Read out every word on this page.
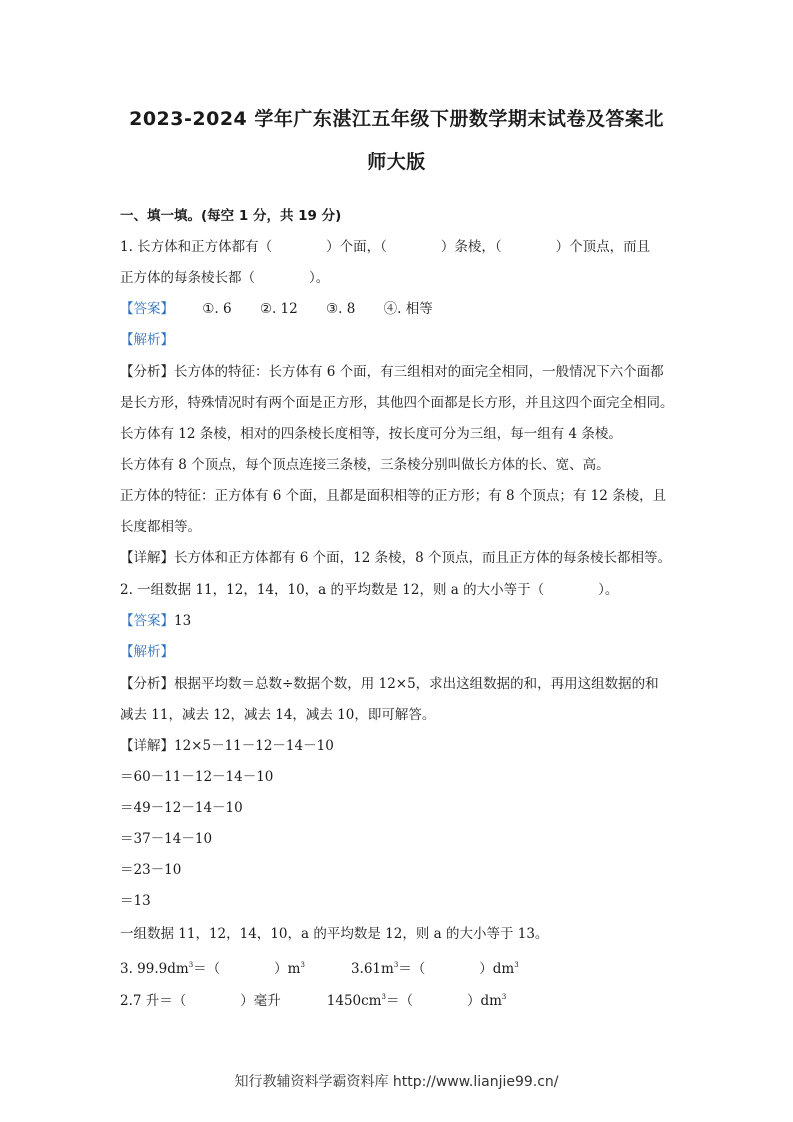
2023-2024 学年广东湛江五年级下册数学期末试卷及答案北
师大版
一、填一填。(每空 1 分，共 19 分)
1. 长方体和正方体都有（　　　　）个面，（　　　　）条棱，（　　　　）个顶点，而且
正方体的每条棱长都（　　　　）。
【答案】 ①. 6 ②. 12 ③. 8 ④. 相等
【解析】
【分析】长方体的特征：长方体有 6 个面，有三组相对的面完全相同，一般情况下六个面都
是长方形，特殊情况时有两个面是正方形，其他四个面都是长方形，并且这四个面完全相同。
长方体有 12 条棱，相对的四条棱长度相等，按长度可分为三组，每一组有 4 条棱。
长方体有 8 个顶点，每个顶点连接三条棱，三条棱分别叫做长方体的长、宽、高。
正方体的特征：正方体有 6 个面，且都是面积相等的正方形；有 8 个顶点；有 12 条棱，且
长度都相等。
【详解】长方体和正方体都有 6 个面，12 条棱，8 个顶点，而且正方体的每条棱长都相等。
2. 一组数据 11，12，14，10，a 的平均数是 12，则 a 的大小等于（　　　　）。
【答案】13
【解析】
【分析】根据平均数＝总数÷数据个数，用 12×5，求出这组数据的和，再用这组数据的和
减去 11，减去 12，减去 14，减去 10，即可解答。
【详解】12×5－11－12－14－10
＝60－11－12－14－10
＝49－12－14－10
＝37－14－10
＝23－10
＝13
一组数据 11，12，14，10，a 的平均数是 12，则 a 的大小等于 13。
3. $99.9dm^3=$（　　　　）$m^3$	$3.61m^3=$（　　　　）$dm^3$
2.7 升＝（　　　　）毫升	$1450cm^3=$（　　　　）$dm^3$
知行教辅资料学霸资料库 http://www.lianjie99.cn/
